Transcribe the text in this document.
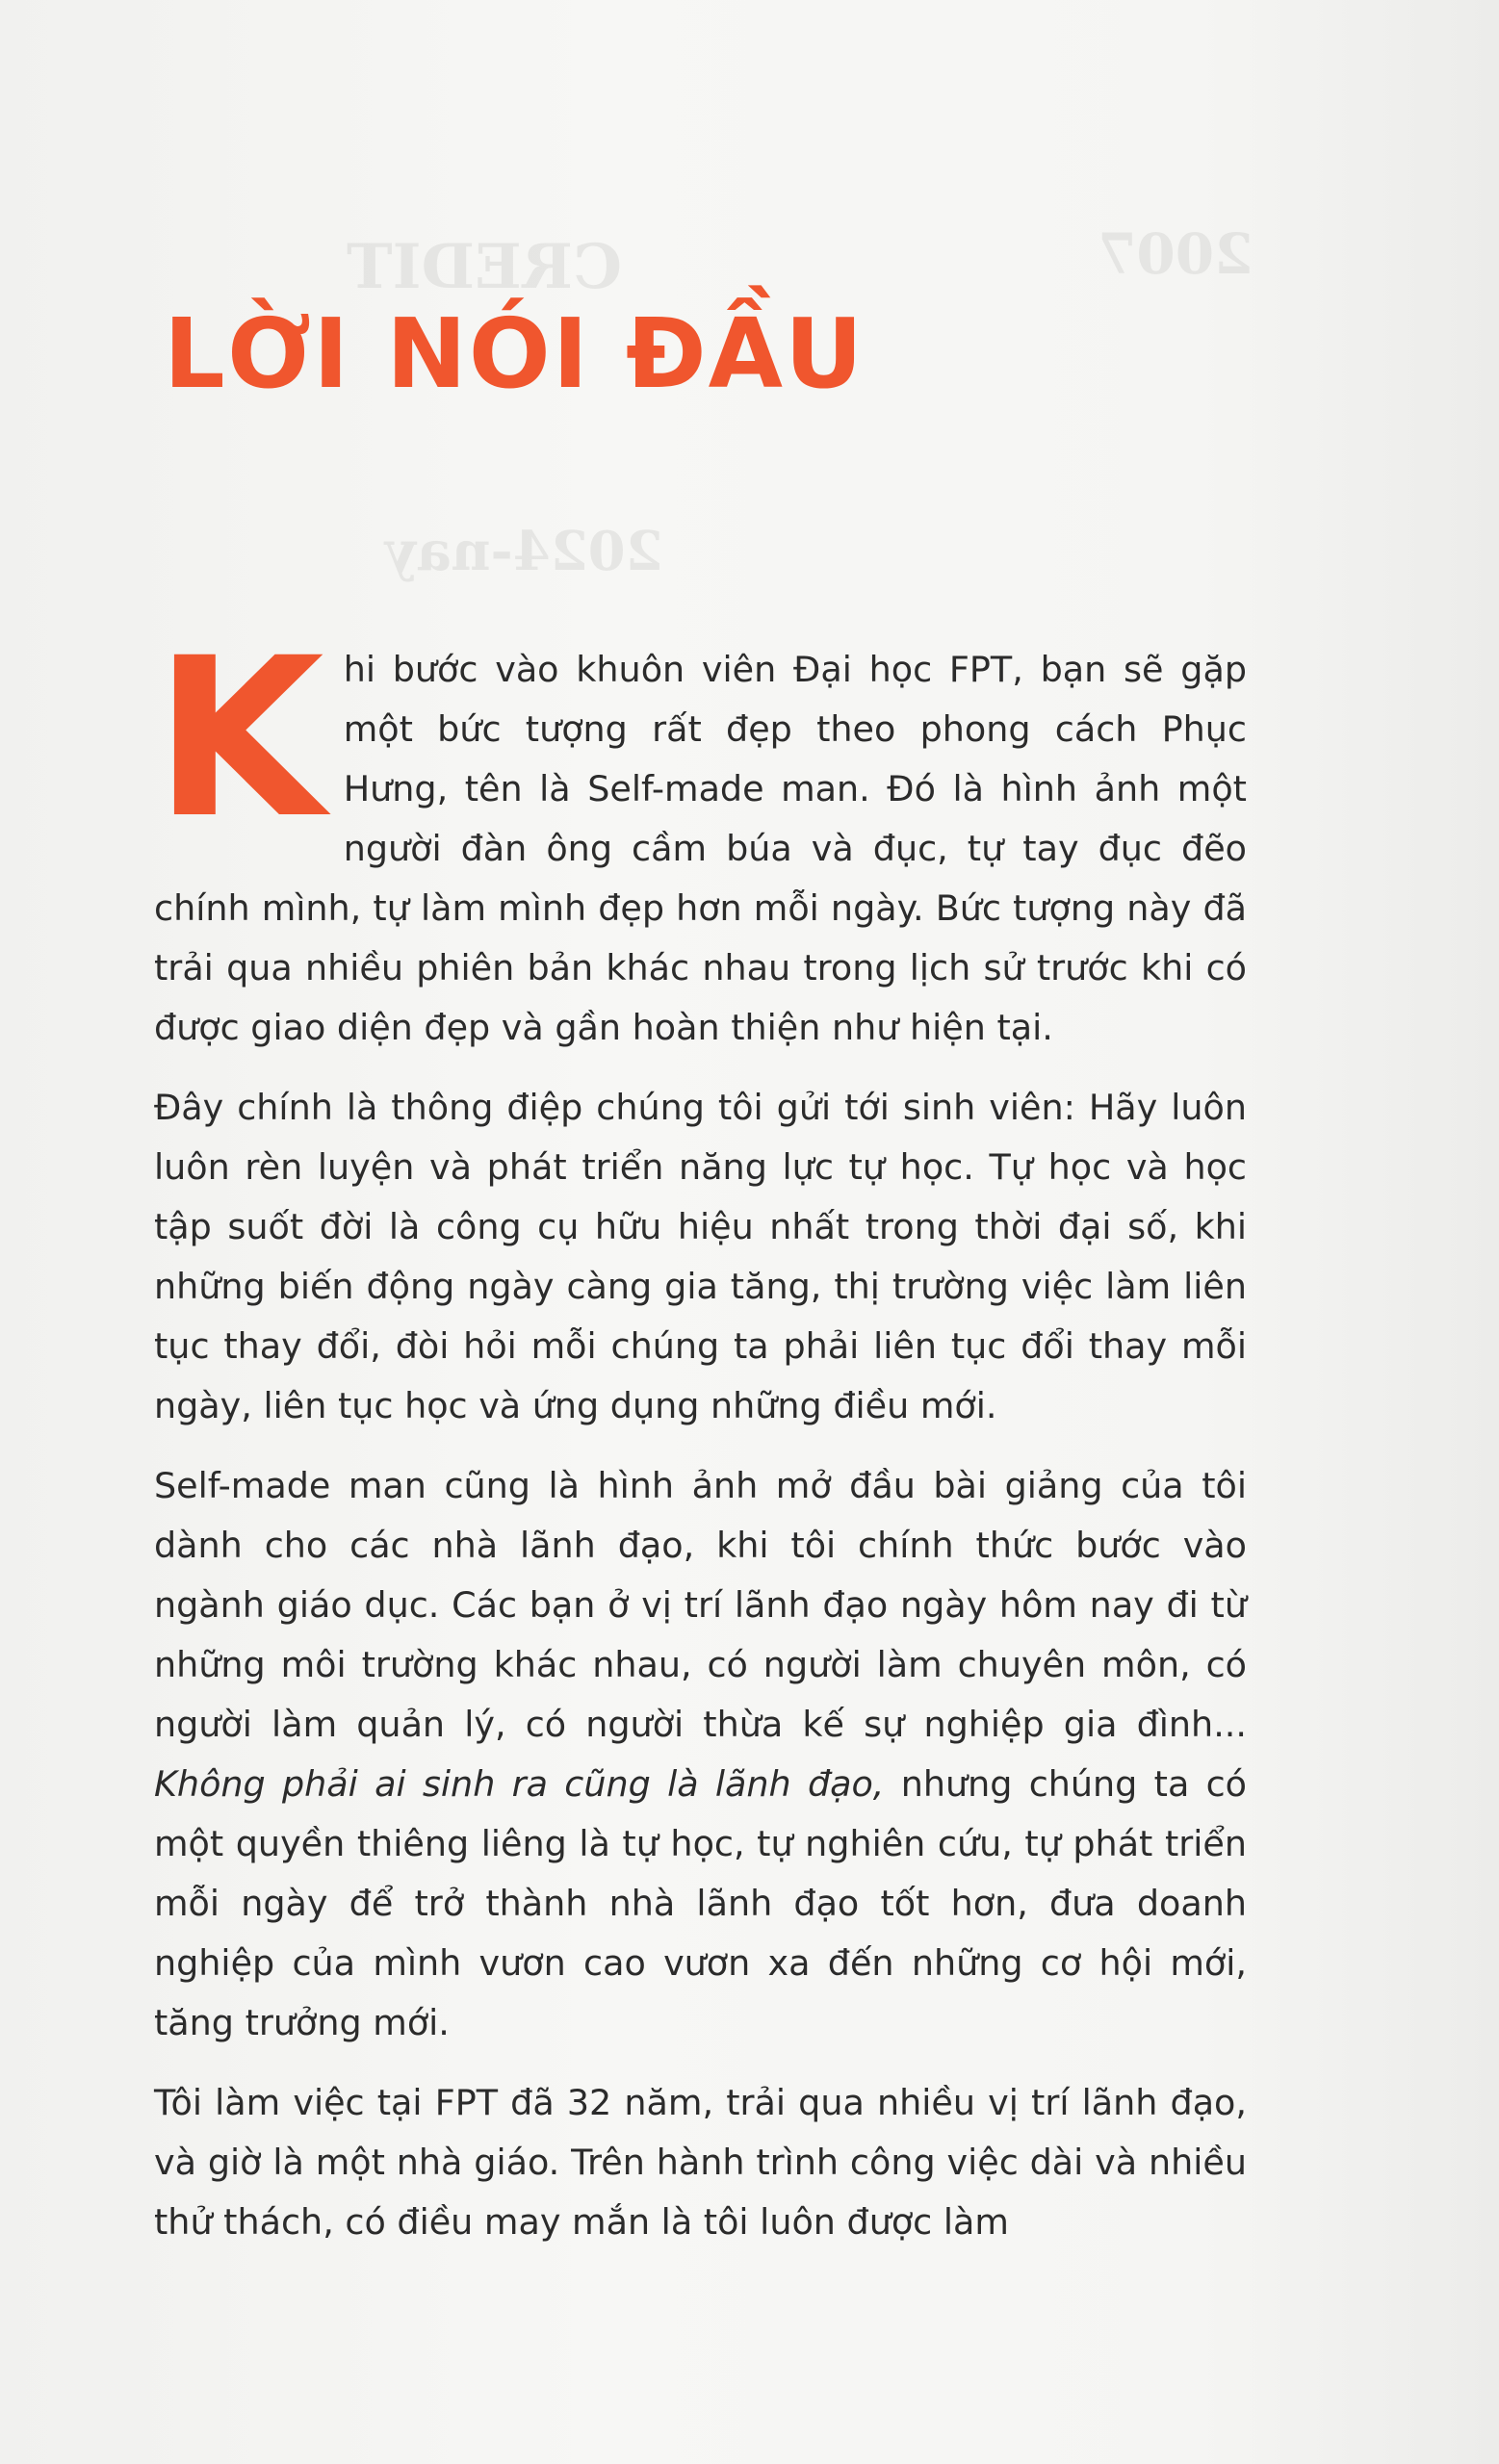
CREDIT
2024-nay
2007
LỜI NÓI ĐẦU

Khi bước vào khuôn viên Đại học FPT, bạn sẽ gặp một bức tượng rất đẹp theo phong cách Phục Hưng, tên là Self-made man. Đó là hình ảnh một người đàn ông cầm búa và đục, tự tay đục đẽo chính mình, tự làm mình đẹp hơn mỗi ngày. Bức tượng này đã trải qua nhiều phiên bản khác nhau trong lịch sử trước khi có được giao diện đẹp và gần hoàn thiện như hiện tại.

Đây chính là thông điệp chúng tôi gửi tới sinh viên: Hãy luôn luôn rèn luyện và phát triển năng lực tự học. Tự học và học tập suốt đời là công cụ hữu hiệu nhất trong thời đại số, khi những biến động ngày càng gia tăng, thị trường việc làm liên tục thay đổi, đòi hỏi mỗi chúng ta phải liên tục đổi thay mỗi ngày, liên tục học và ứng dụng những điều mới.

Self-made man cũng là hình ảnh mở đầu bài giảng của tôi dành cho các nhà lãnh đạo, khi tôi chính thức bước vào ngành giáo dục. Các bạn ở vị trí lãnh đạo ngày hôm nay đi từ những môi trường khác nhau, có người làm chuyên môn, có người làm quản lý, có người thừa kế sự nghiệp gia đình... Không phải ai sinh ra cũng là lãnh đạo, nhưng chúng ta có một quyền thiêng liêng là tự học, tự nghiên cứu, tự phát triển mỗi ngày để trở thành nhà lãnh đạo tốt hơn, đưa doanh nghiệp của mình vươn cao vươn xa đến những cơ hội mới, tăng trưởng mới.

Tôi làm việc tại FPT đã 32 năm, trải qua nhiều vị trí lãnh đạo, và giờ là một nhà giáo. Trên hành trình công việc dài và nhiều thử thách, có điều may mắn là tôi luôn được làm
